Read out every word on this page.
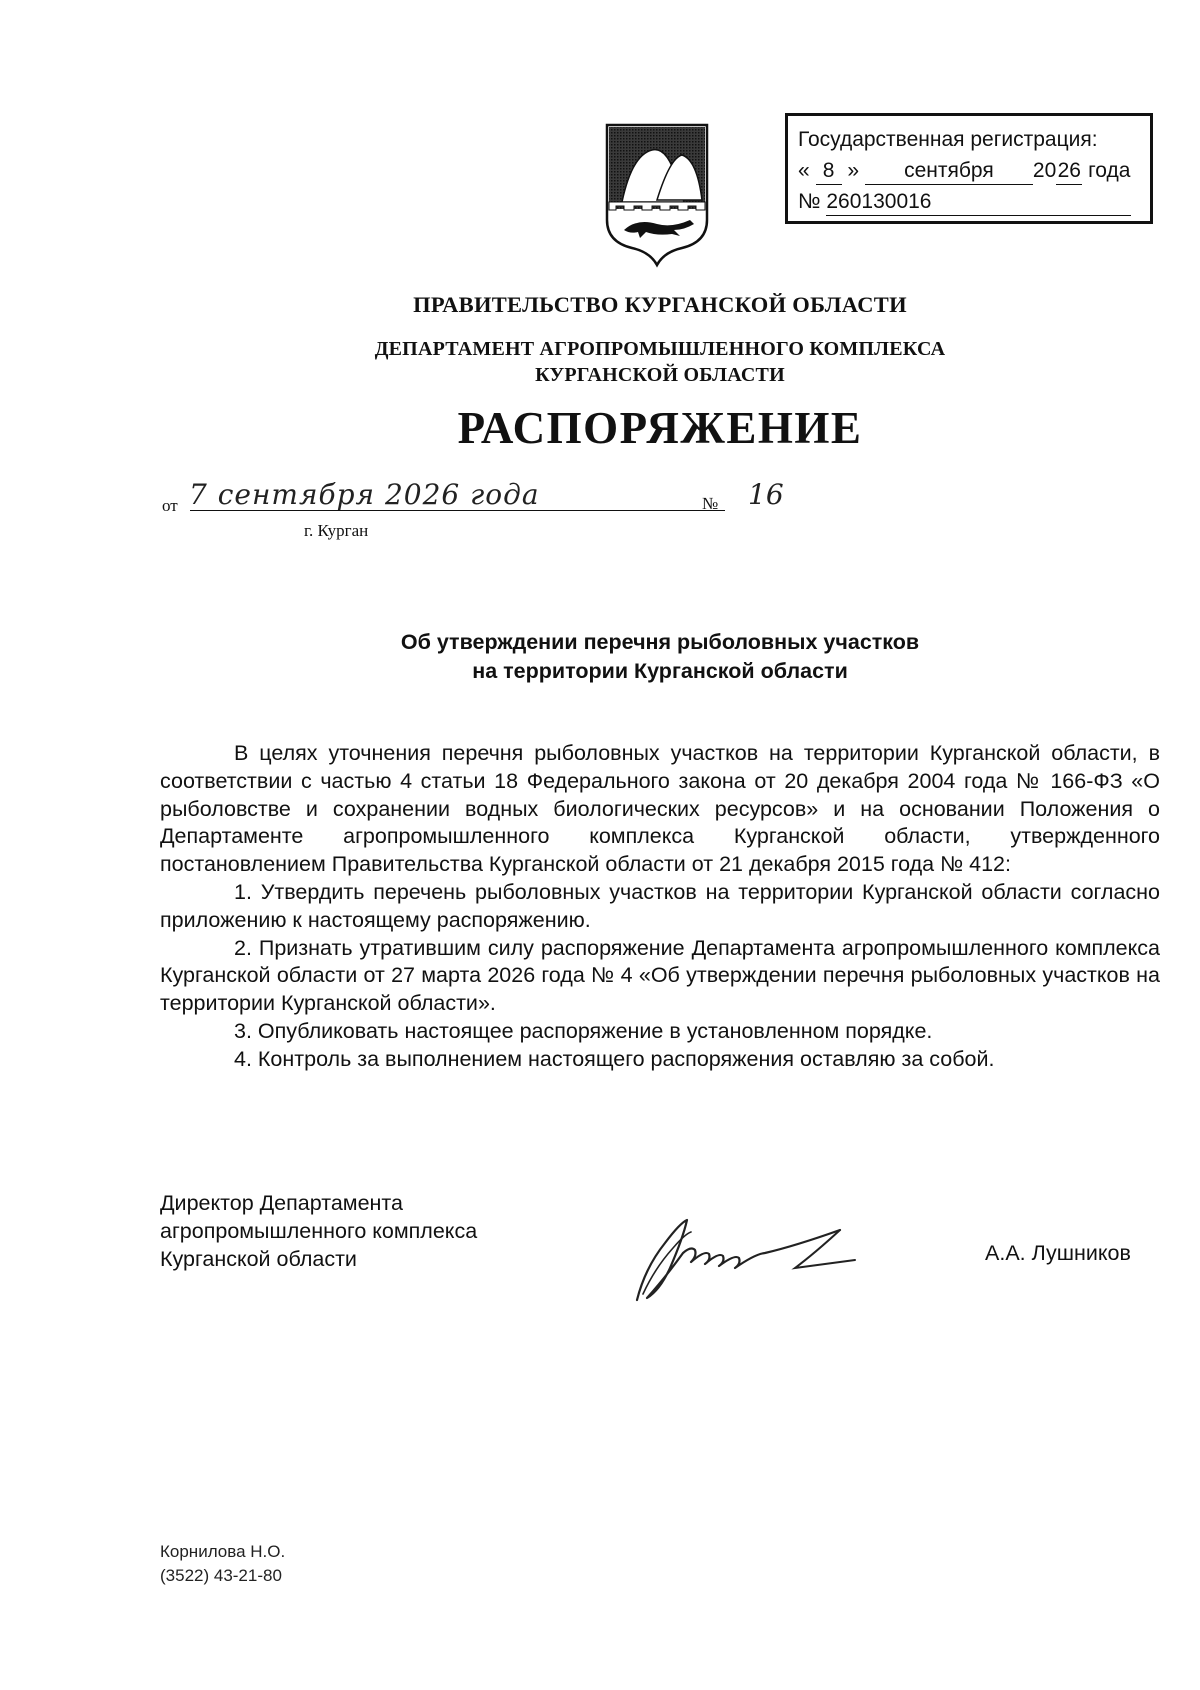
Государственная регистрация:
« 8 » сентября 2026 года
№ 260130016
ПРАВИТЕЛЬСТВО КУРГАНСКОЙ ОБЛАСТИ
ДЕПАРТАМЕНТ АГРОПРОМЫШЛЕННОГО КОМПЛЕКСА
КУРГАНСКОЙ ОБЛАСТИ
РАСПОРЯЖЕНИЕ
от 7 сентября 2026 года	№ 16
г. Курган
Об утверждении перечня рыболовных участков
на территории Курганской области

В целях уточнения перечня рыболовных участков на территории Курганской области, в соответствии с частью 4 статьи 18 Федерального закона от 20 декабря 2004 года № 166-ФЗ «О рыболовстве и сохранении водных биологических ресурсов» и на основании Положения о Департаменте агропромышленного комплекса Курганской области, утвержденного постановлением Правительства Курганской области от 21 декабря 2015 года № 412:

1. Утвердить перечень рыболовных участков на территории Курганской области согласно приложению к настоящему распоряжению.

2. Признать утратившим силу распоряжение Департамента агропромышленного комплекса Курганской области от 27 марта 2026 года № 4 «Об утверждении перечня рыболовных участков на территории Курганской области».

3. Опубликовать настоящее распоряжение в установленном порядке.

4. Контроль за выполнением настоящего распоряжения оставляю за собой.

Директор Департамента
агропромышленного комплекса
Курганской области	А.А. Лушников
Корнилова Н.О.
(3522) 43-21-80
